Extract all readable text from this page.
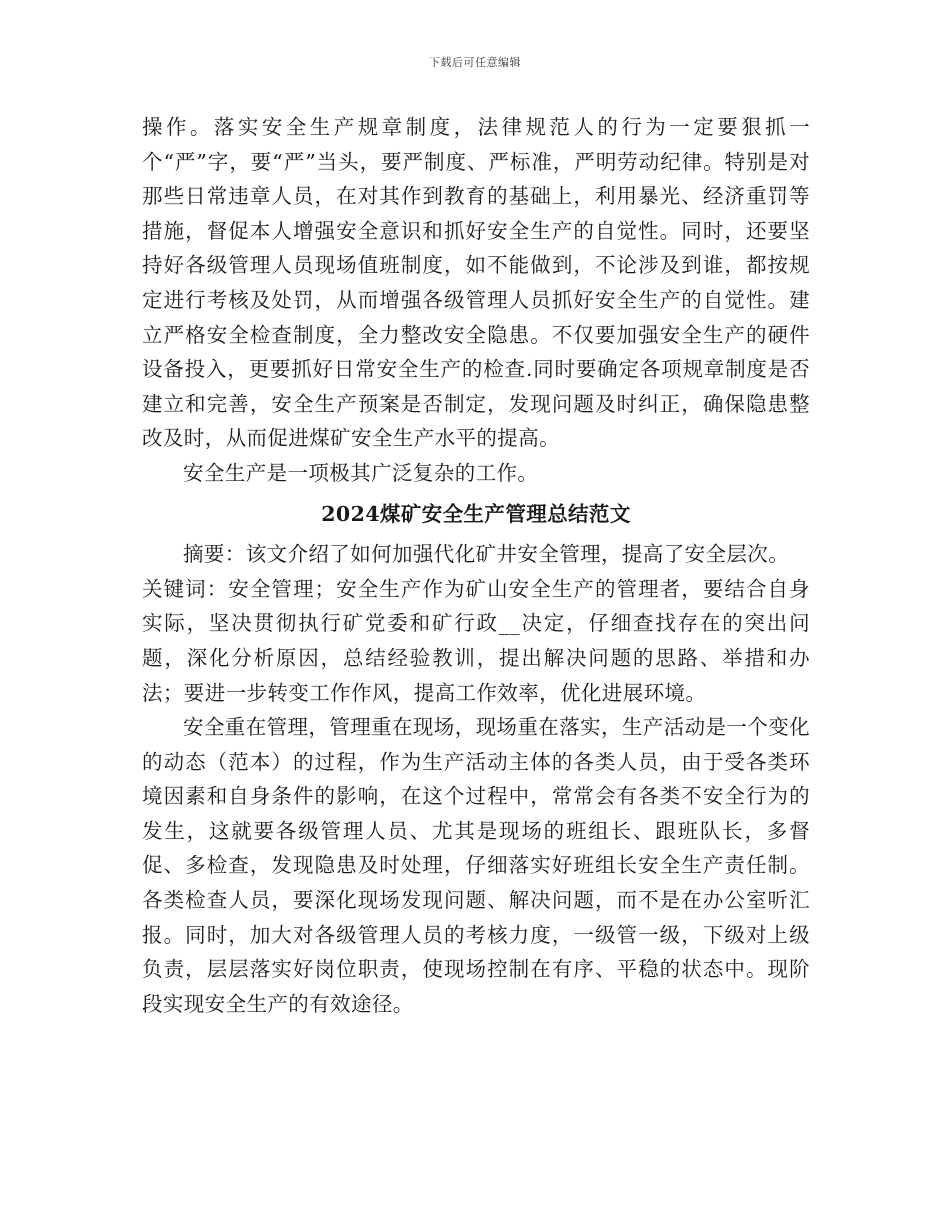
下载后可任意编辑

操作。落实安全生产规章制度，法律规范人的行为一定要狠抓一个“严”字，要“严”当头，要严制度、严标准，严明劳动纪律。特别是对那些日常违章人员，在对其作到教育的基础上，利用暴光、经济重罚等措施，督促本人增强安全意识和抓好安全生产的自觉性。同时，还要坚持好各级管理人员现场值班制度，如不能做到，不论涉及到谁，都按规定进行考核及处罚，从而增强各级管理人员抓好安全生产的自觉性。建立严格安全检查制度，全力整改安全隐患。不仅要加强安全生产的硬件设备投入，更要抓好日常安全生产的检查.同时要确定各项规章制度是否建立和完善，安全生产预案是否制定，发现问题及时纠正，确保隐患整改及时，从而促进煤矿安全生产水平的提高。

安全生产是一项极其广泛复杂的工作。

2024煤矿安全生产管理总结范文

摘要：该文介绍了如何加强代化矿井安全管理，提高了安全层次。

关键词：安全管理；安全生产作为矿山安全生产的管理者，要结合自身实际，坚决贯彻执行矿党委和矿行政__决定，仔细查找存在的突出问题，深化分析原因，总结经验教训，提出解决问题的思路、举措和办法；要进一步转变工作作风，提高工作效率，优化进展环境。

安全重在管理，管理重在现场，现场重在落实，生产活动是一个变化的动态（范本）的过程，作为生产活动主体的各类人员，由于受各类环境因素和自身条件的影响，在这个过程中，常常会有各类不安全行为的发生，这就要各级管理人员、尤其是现场的班组长、跟班队长，多督促、多检查，发现隐患及时处理，仔细落实好班组长安全生产责任制。各类检查人员，要深化现场发现问题、解决问题，而不是在办公室听汇报。同时，加大对各级管理人员的考核力度，一级管一级，下级对上级负责，层层落实好岗位职责，使现场控制在有序、平稳的状态中。现阶段实现安全生产的有效途径。
